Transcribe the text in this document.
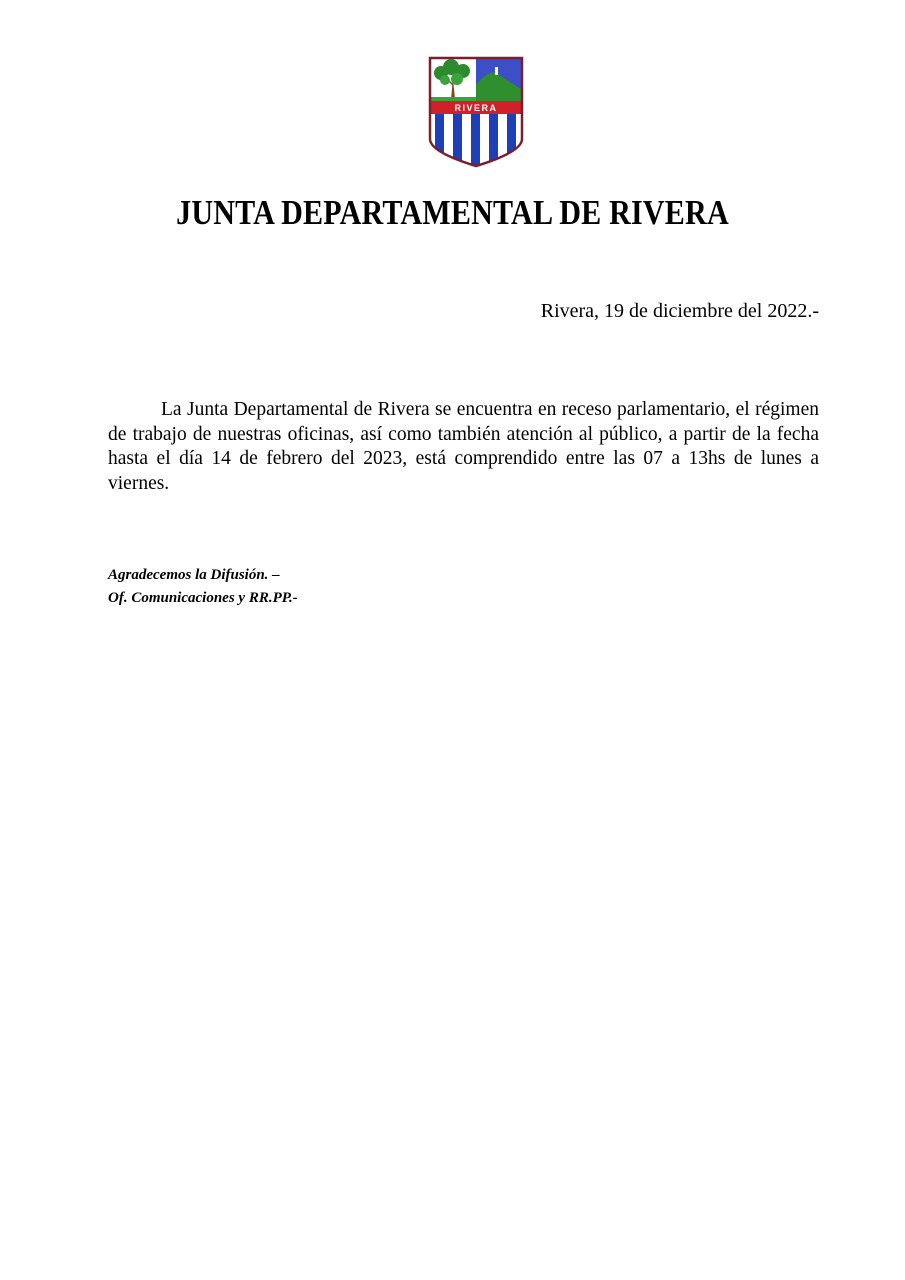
RIVERA
JUNTA DEPARTAMENTAL DE RIVERA
Rivera, 19 de diciembre del 2022.-

La Junta Departamental de Rivera se encuentra en receso parlamentario, el régimen de trabajo de nuestras oficinas, así como también atención al público, a partir de la fecha hasta el día 14 de febrero del 2023, está comprendido entre las 07 a 13hs de lunes a viernes.

Agradecemos la Difusión. –
Of. Comunicaciones y RR.PP.-
